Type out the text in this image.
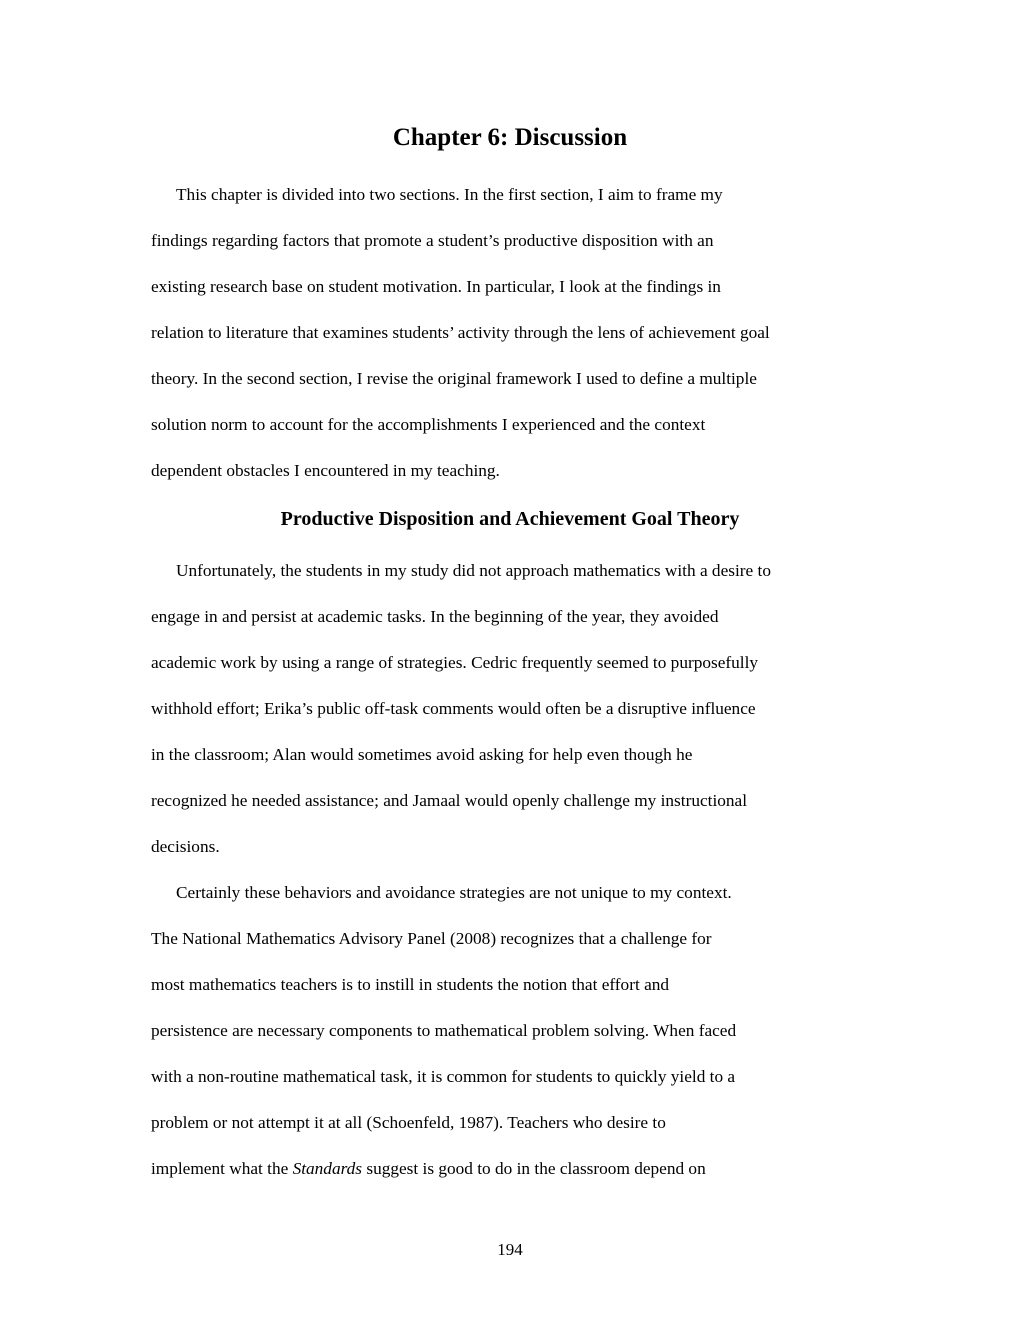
Chapter 6: Discussion
This chapter is divided into two sections. In the first section, I aim to frame my
findings regarding factors that promote a student’s productive disposition with an
existing research base on student motivation. In particular, I look at the findings in
relation to literature that examines students’ activity through the lens of achievement goal
theory. In the second section, I revise the original framework I used to define a multiple
solution norm to account for the accomplishments I experienced and the context
dependent obstacles I encountered in my teaching.
Productive Disposition and Achievement Goal Theory
Unfortunately, the students in my study did not approach mathematics with a desire to
engage in and persist at academic tasks. In the beginning of the year, they avoided
academic work by using a range of strategies. Cedric frequently seemed to purposefully
withhold effort; Erika’s public off-task comments would often be a disruptive influence
in the classroom; Alan would sometimes avoid asking for help even though he
recognized he needed assistance; and Jamaal would openly challenge my instructional
decisions.
Certainly these behaviors and avoidance strategies are not unique to my context.
The National Mathematics Advisory Panel (2008) recognizes that a challenge for
most mathematics teachers is to instill in students the notion that effort and
persistence are necessary components to mathematical problem solving. When faced
with a non-routine mathematical task, it is common for students to quickly yield to a
problem or not attempt it at all (Schoenfeld, 1987). Teachers who desire to
implement what the Standards suggest is good to do in the classroom depend on
194
